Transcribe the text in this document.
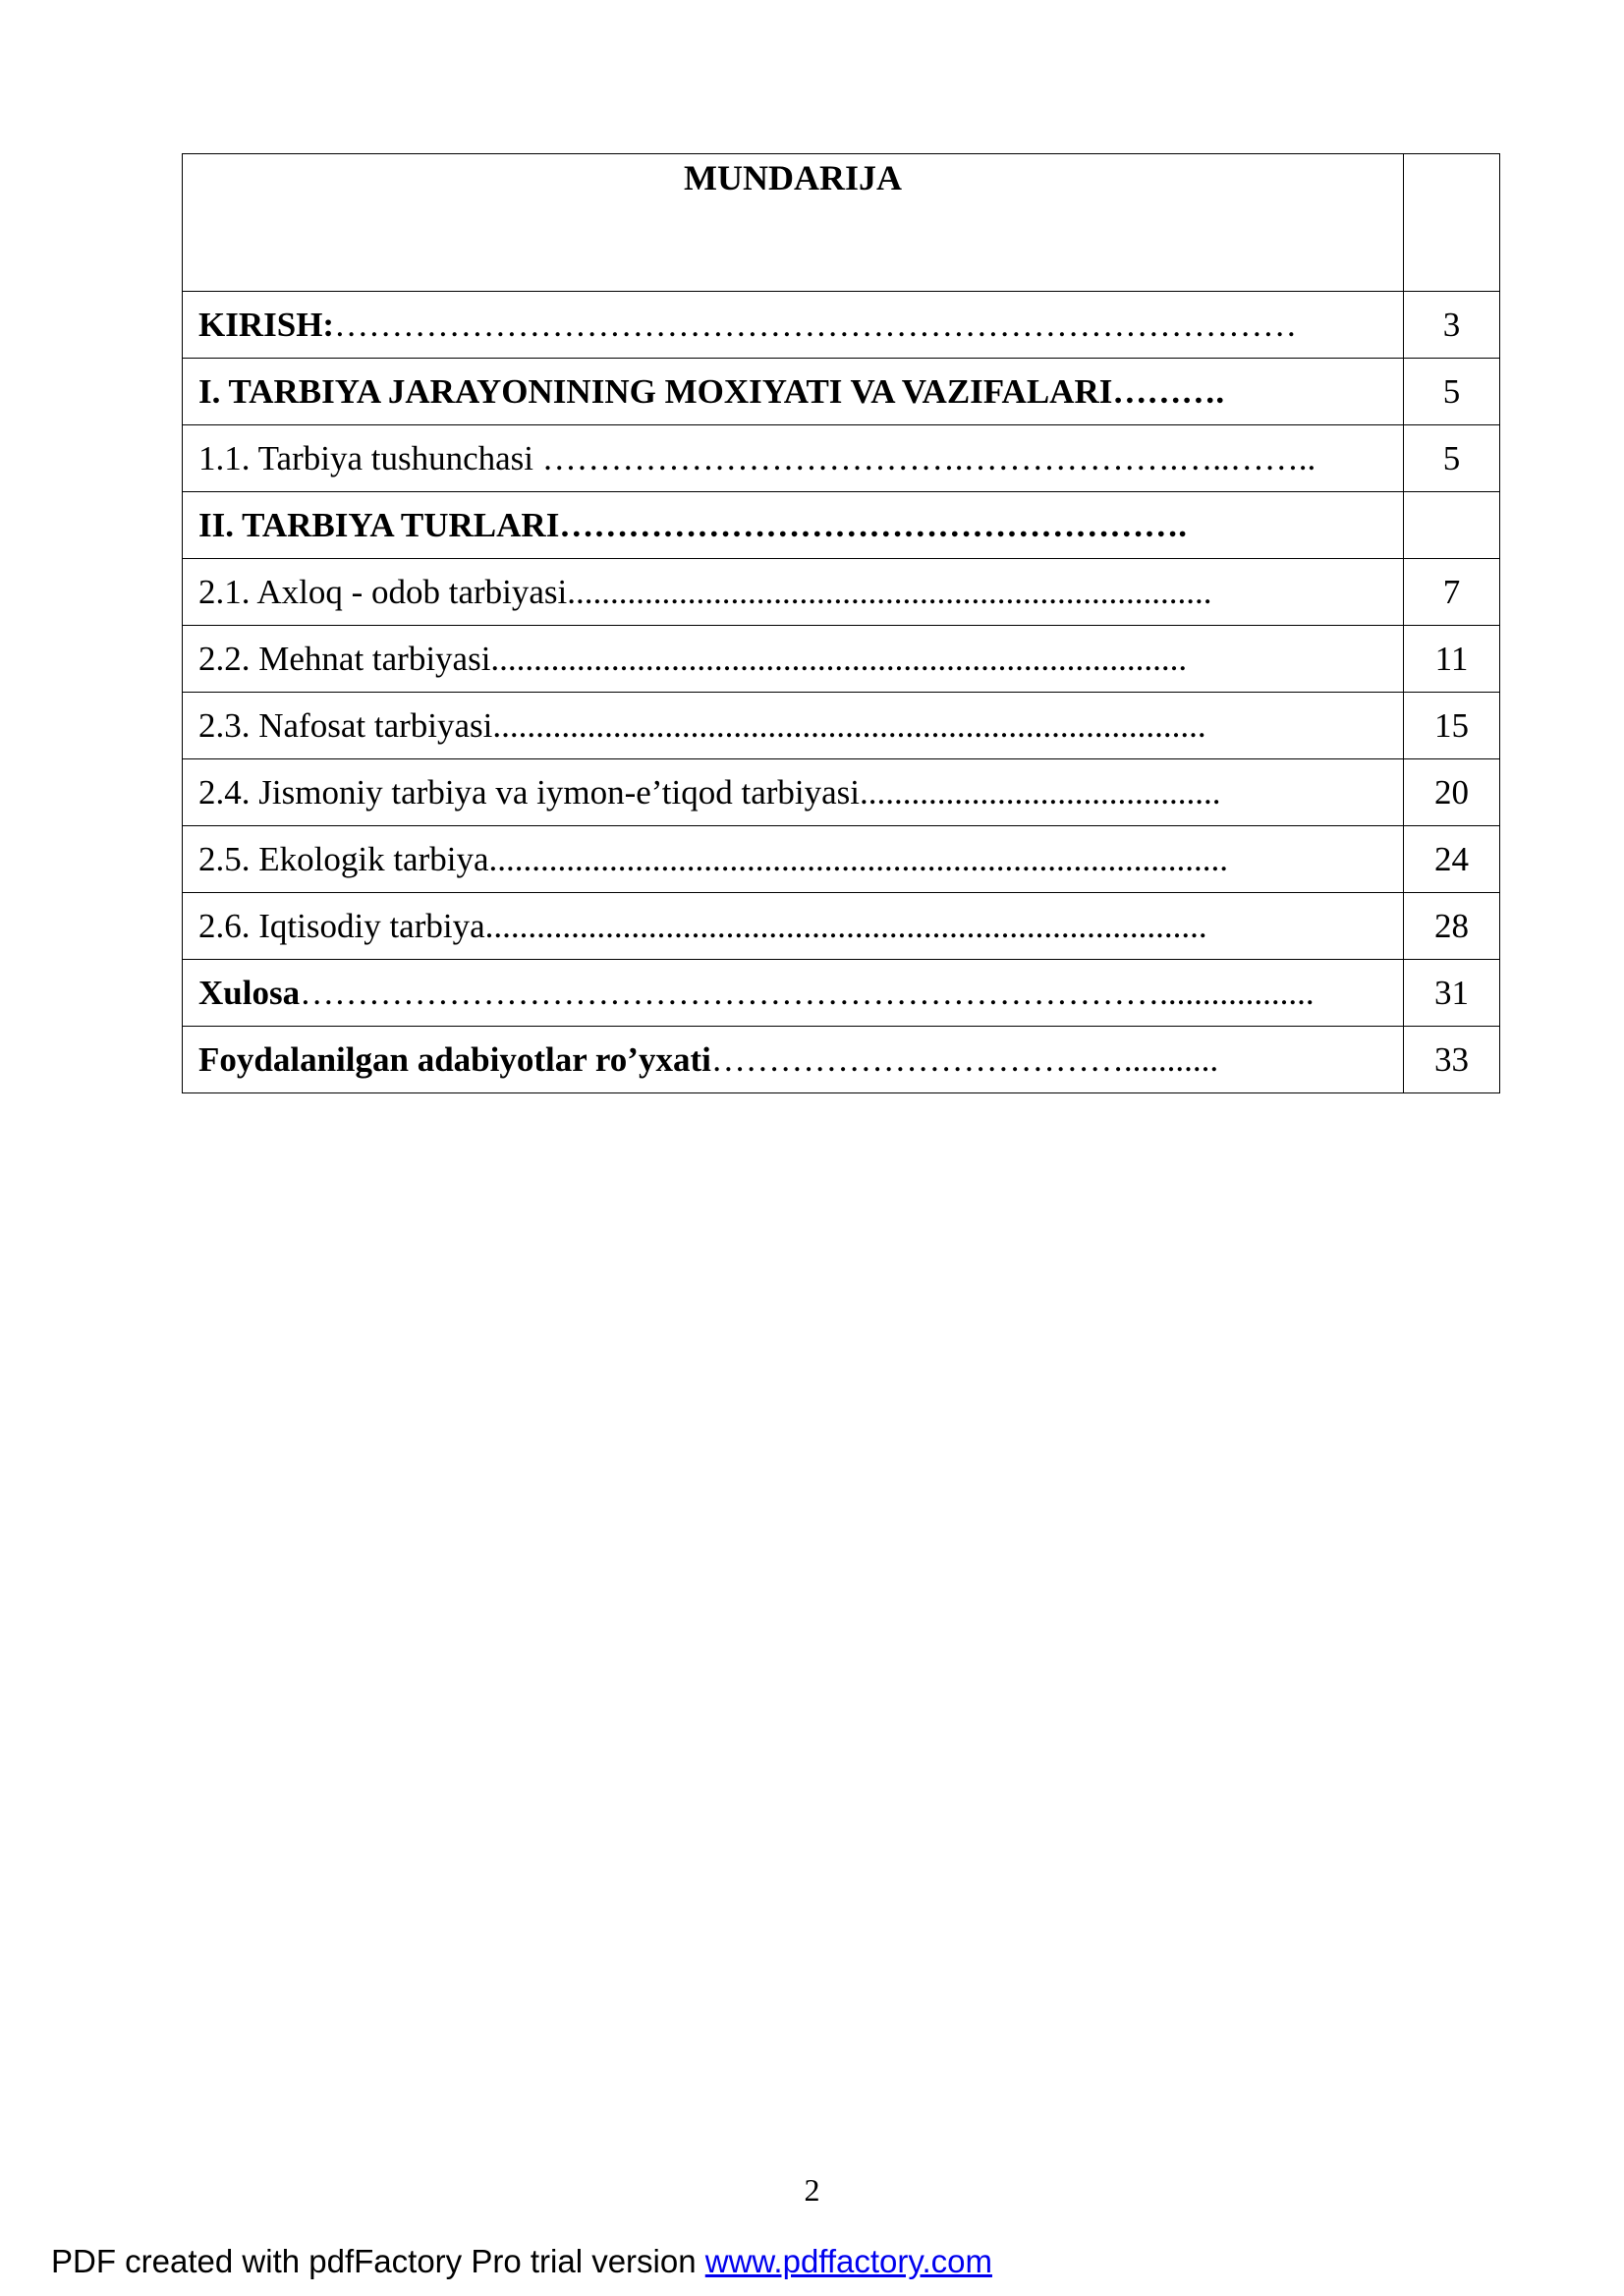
MUNDARIJA	
KIRISH:…………………………………………………………………………	3
I. TARBIYA JARAYONINING MOXIYATI VA VAZIFALARI……….	5
1.1. Tarbiya tushunchasi ……………………………….……………….…..……..	5
II. TARBIYA TURLARI……………………………………………….	
2.1. Axloq - odob tarbiyasi...........................................................................	7
2.2. Mehnat tarbiyasi.................................................................................	11
2.3. Nafosat tarbiyasi...................................................................................	15
2.4. Jismoniy tarbiya va iymon-e’tiqod tarbiyasi..........................................	20
2.5. Ekologik tarbiya......................................................................................	24
2.6. Iqtisodiy tarbiya....................................................................................	28
Xulosa…………………………………………………………………..................	31
Foydalanilgan adabiyotlar ro’yxati………………………………...........	33
2
PDF created with pdfFactory Pro trial version www.pdffactory.com
